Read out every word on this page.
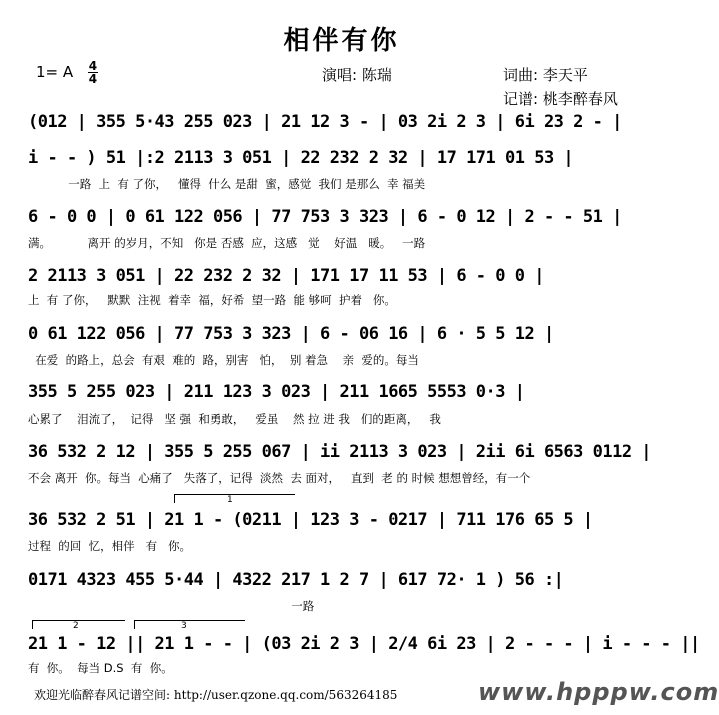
相伴有你
1= A $\frac{4}{4}$	演唱: 陈瑞	词曲: 李天平
记谱: 桃李醉春风
(012 | 355 5·43 255 023 | 21 12 3 - | 03 2i 2 3 | 6i 23 2 - |
i - - ) 51 |:2 2113 3 051 | 22 232 2 32 | 17 171 01 53 |
一路  上  有 了你，   懂得  什么 是甜  蜜，感觉  我们 是那么  幸 福美
6 - 0 0 | 0 61 122 056 | 77 753 3 323 | 6 - 0 12 | 2 - - 51 |
满。          离开 的岁月，不知   你是 否感  应，这感   觉    好温   暖。   一路
2 2113 3 051 | 22 232 2 32 | 171 17 11 53 | 6 - 0 0 |
上  有 了你，   默默  注视  着幸  福，好希  望一路  能 够呵  护着   你。
0 61 122 056 | 77 753 3 323 | 6 - 06 16 | 6 · 5 5 12 |
在爱  的路上，总会  有艰  难的  路，别害   怕，  别 着急    亲  爱的。每当
355 5 255 023 | 211 123 3 023 | 211 1665 5553 0·3 |
心累了    泪流了，  记得   坚 强  和勇敢，   爱虽    然 拉 进 我   们的距离，   我
36 532 2 12 | 355 5 255 067 | ii 2113 3 023 | 2ii 6i 6563 0112 |
不会 离开  你。每当  心痛了   失落了，记得  淡然  去 面对，   直到  老 的 时候 想想曾经，有一个
1
36 532 2 51 | 21 1 - (0211 | 123 3 - 0217 | 711 176 65 5 |
过程  的回  忆，相伴   有   你。
0171 4323 455 5·44 | 4322 217 1 2 7 | 617 72· 1 ) 56 :|
一路
2	3
21 1 - 12 || 21 1 - - | (03 2i 2 3 | 2/4 6i 23 | 2 - - - | i - - - ||
有  你。  每当 D.S  有  你。
欢迎光临醉春风记谱空间: http://user.qzone.qq.com/563264185	www.hpppw.com
